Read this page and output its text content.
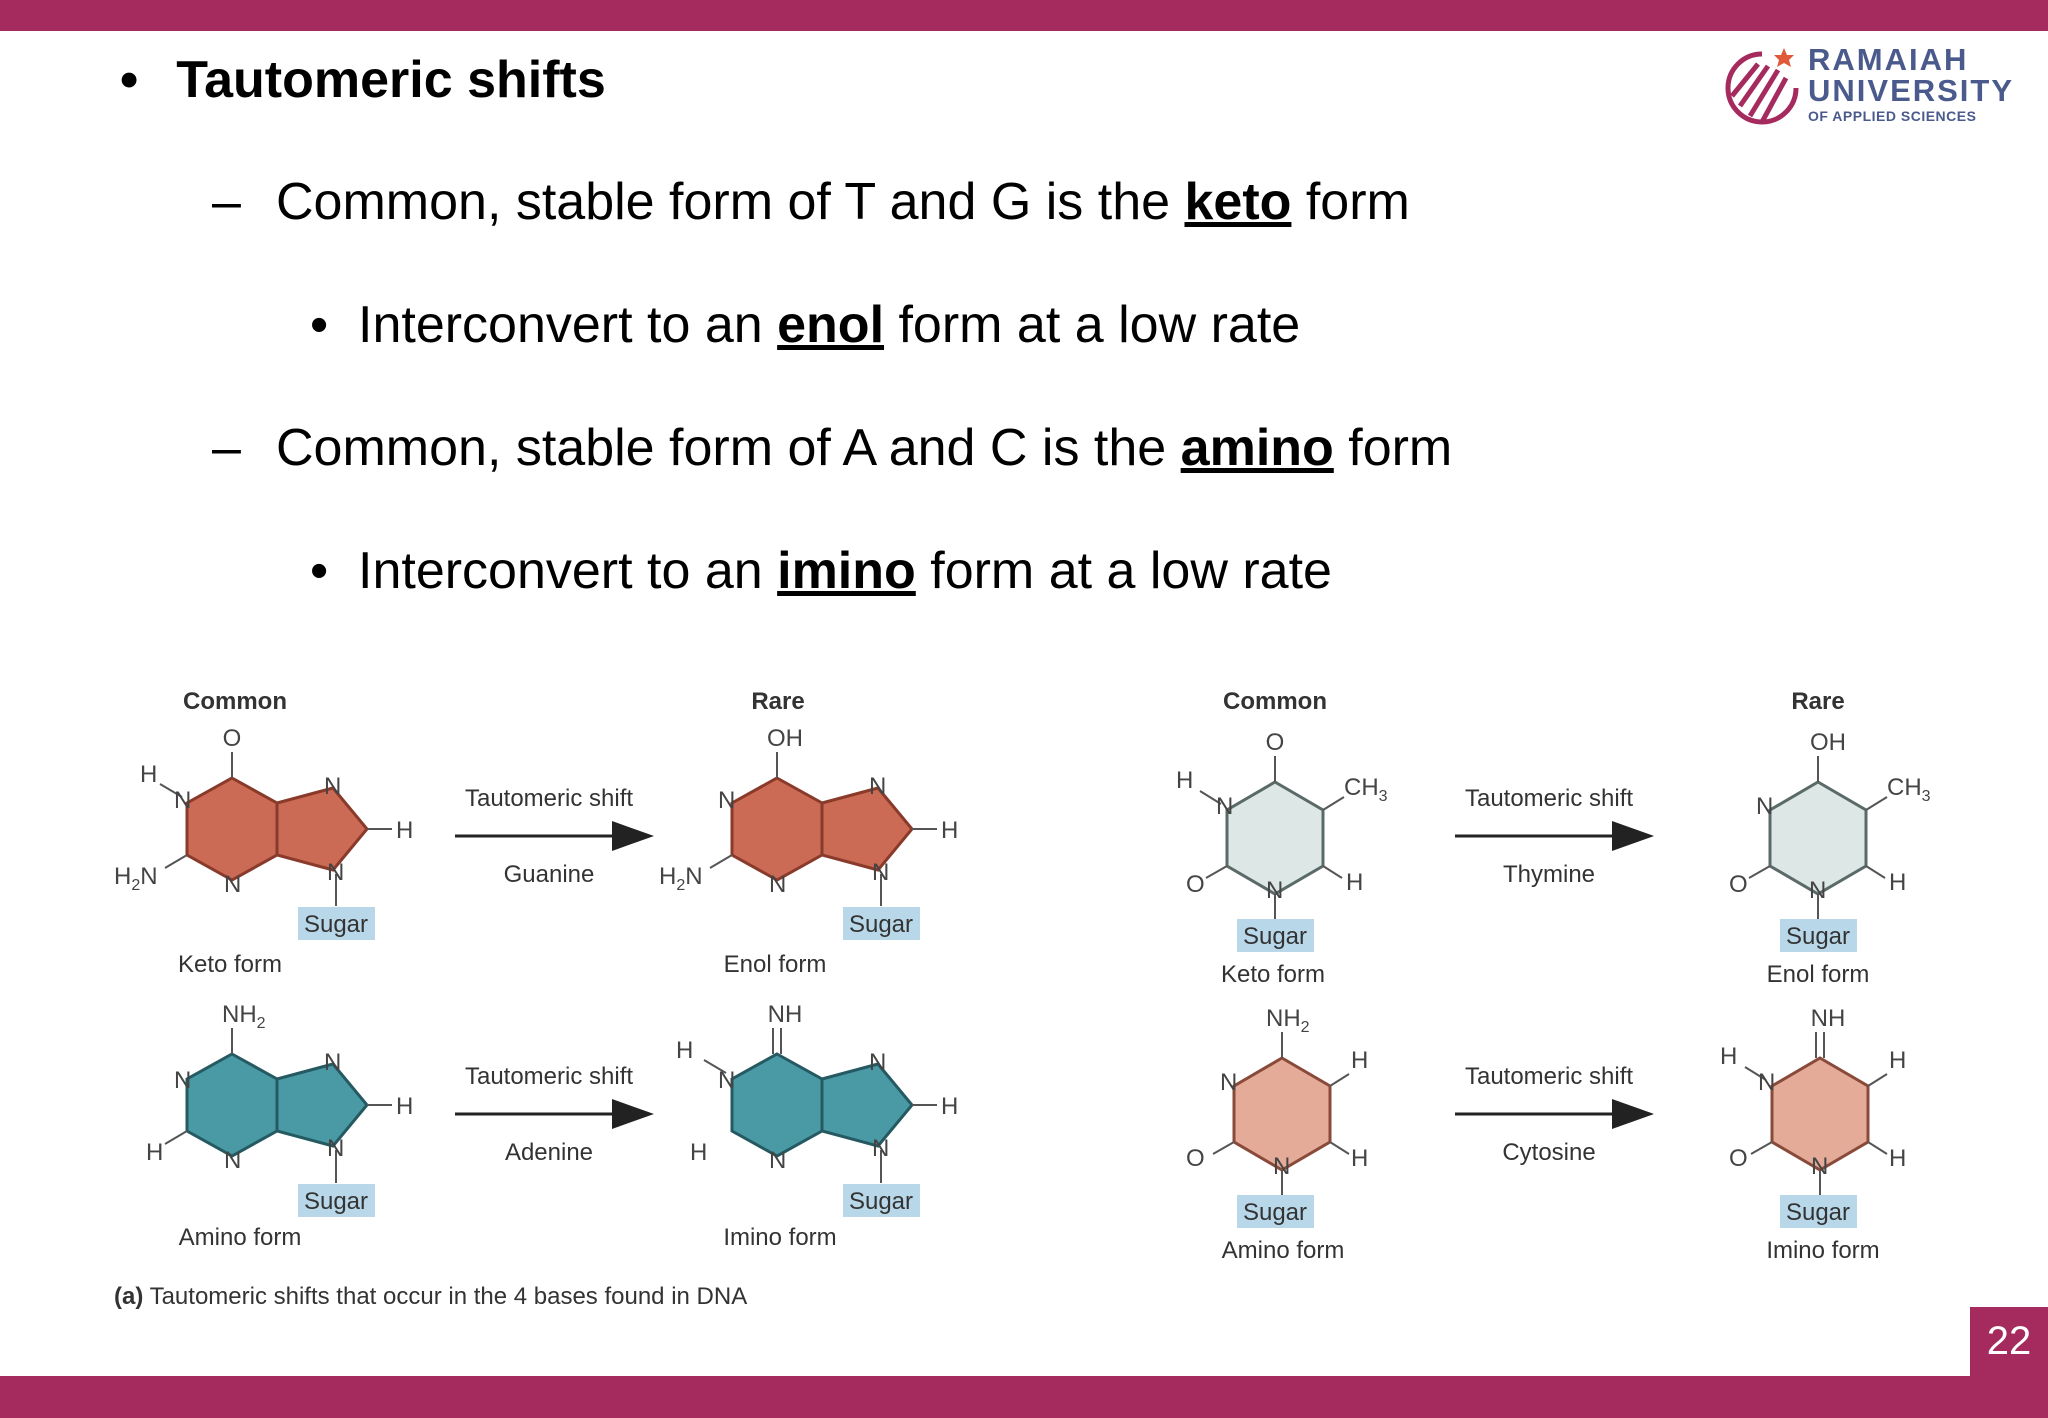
22
RAMAIAH
UNIVERSITY
OF APPLIED SCIENCES
• Tautomeric shifts
– Common, stable form of T and G is the keto form
• Interconvert to an enol form at a low rate
– Common, stable form of A and C is the amino form
• Interconvert to an imino form at a low rate
Common	Rare	Common	Rare
O
H
N
N
H
N	N
$H_2N$
Sugar
Keto form
Tautomeric shift
Guanine
OH
N
N
H
N	N
$H_2N$
Sugar
Enol form
$NH_2$
N
N
H
N	N
H
Sugar
Amino form
Tautomeric shift
Adenine
NH
H
N
N
H
N	N
H
Sugar
Imino form
O
$CH_3$
H
N
H
O	N
Sugar
Keto form
Tautomeric shift
Thymine
OH
$CH_3$
N
H
O	N
Sugar
Enol form
$NH_2$
H
N
H
O	N
Sugar
Amino form
Tautomeric shift
Cytosine
NH
H
N
H
H
O	N
Sugar
Imino form
(a) Tautomeric shifts that occur in the 4 bases found in DNA
